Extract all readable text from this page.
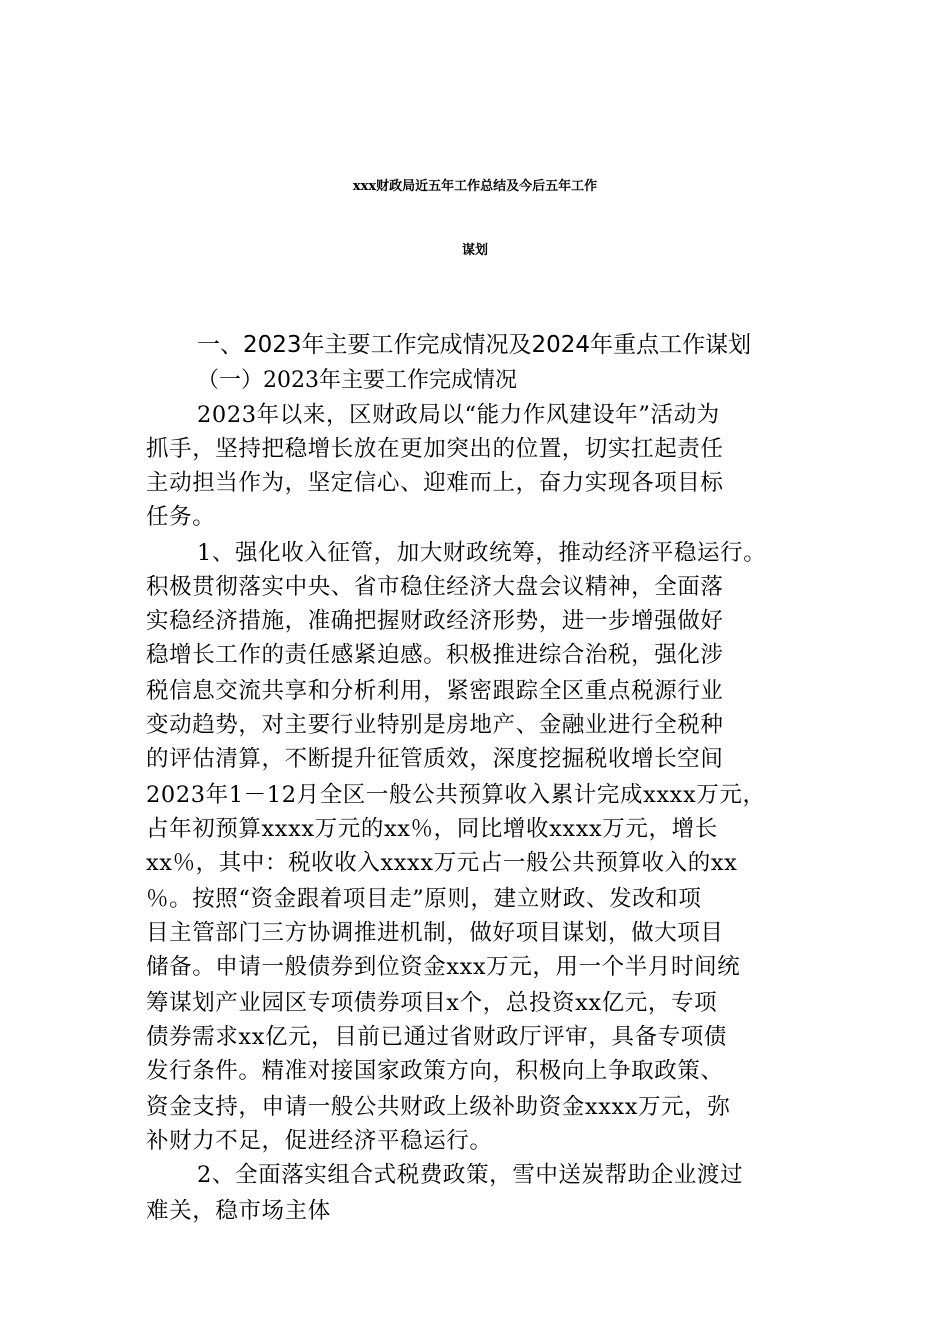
xxx财政局近五年工作总结及今后五年工作
谋划
一、2023年主要工作完成情况及2024年重点工作谋划
（一）2023年主要工作完成情况
2023年以来，区财政局以“能力作风建设年”活动为
抓手，坚持把稳增长放在更加突出的位置，切实扛起责任
主动担当作为，坚定信心、迎难而上，奋力实现各项目标
任务。
1、强化收入征管，加大财政统筹，推动经济平稳运行。
积极贯彻落实中央、省市稳住经济大盘会议精神，全面落
实稳经济措施，准确把握财政经济形势，进一步增强做好
稳增长工作的责任感紧迫感。积极推进综合治税，强化涉
税信息交流共享和分析利用，紧密跟踪全区重点税源行业
变动趋势，对主要行业特别是房地产、金融业进行全税种
的评估清算，不断提升征管质效，深度挖掘税收增长空间
2023年1－12月全区一般公共预算收入累计完成xxxx万元，
占年初预算xxxx万元的xx％，同比增收xxxx万元，增长
xx％，其中：税收收入xxxx万元占一般公共预算收入的xx
％。按照“资金跟着项目走”原则，建立财政、发改和项
目主管部门三方协调推进机制，做好项目谋划，做大项目
储备。申请一般债券到位资金xxx万元，用一个半月时间统
筹谋划产业园区专项债券项目x个，总投资xx亿元，专项
债券需求xx亿元，目前已通过省财政厅评审，具备专项债
发行条件。精准对接国家政策方向，积极向上争取政策、
资金支持，申请一般公共财政上级补助资金xxxx万元，弥
补财力不足，促进经济平稳运行。
2、全面落实组合式税费政策，雪中送炭帮助企业渡过
难关，稳市场主体
